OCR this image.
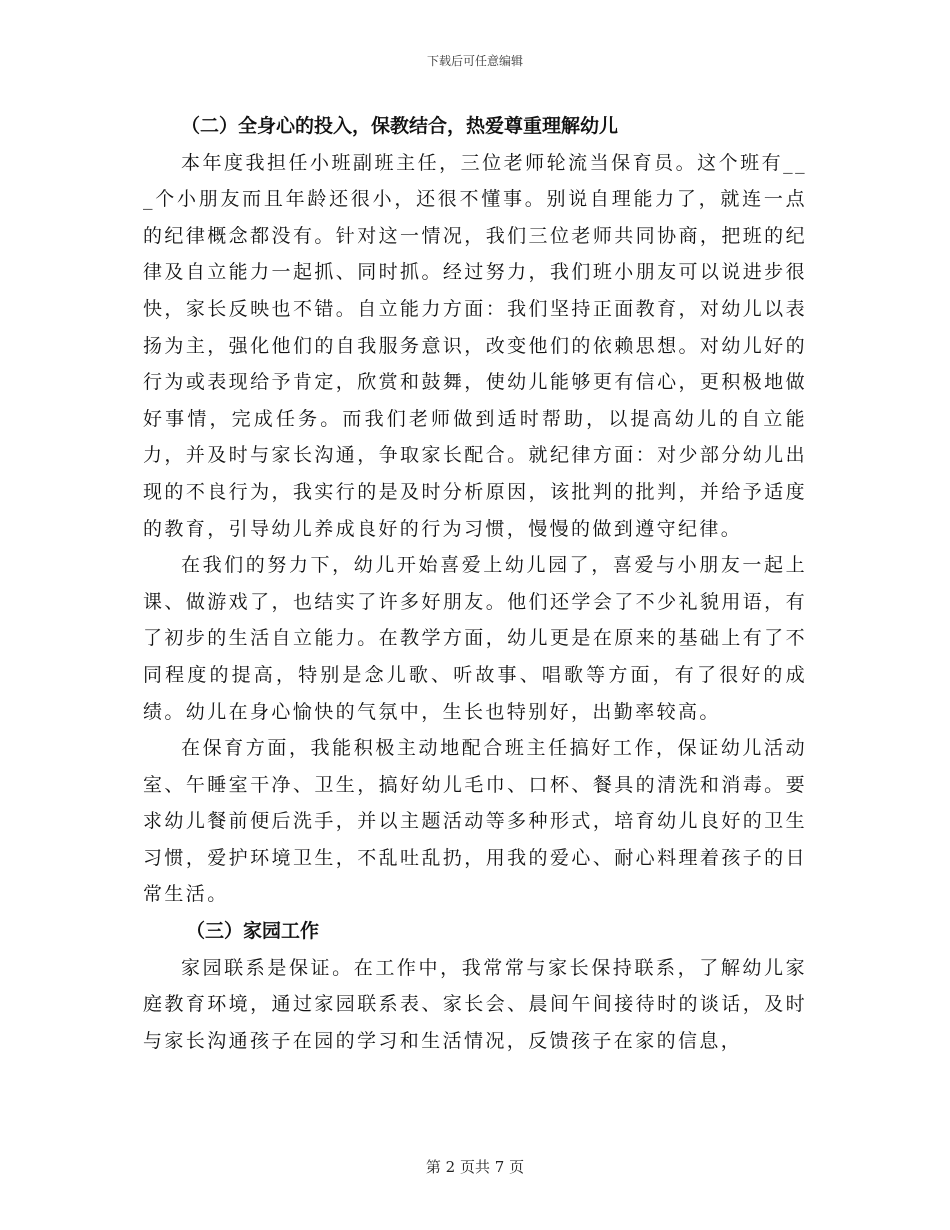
下载后可任意编辑

（二）全身心的投入，保教结合，热爱尊重理解幼儿

本年度我担任小班副班主任，三位老师轮流当保育员。这个班有___个小朋友而且年龄还很小，还很不懂事。别说自理能力了，就连一点的纪律概念都没有。针对这一情况，我们三位老师共同协商，把班的纪律及自立能力一起抓、同时抓。经过努力，我们班小朋友可以说进步很快，家长反映也不错。自立能力方面：我们坚持正面教育，对幼儿以表扬为主，强化他们的自我服务意识，改变他们的依赖思想。对幼儿好的行为或表现给予肯定，欣赏和鼓舞，使幼儿能够更有信心，更积极地做好事情，完成任务。而我们老师做到适时帮助，以提高幼儿的自立能力，并及时与家长沟通，争取家长配合。就纪律方面：对少部分幼儿出现的不良行为，我实行的是及时分析原因，该批判的批判，并给予适度的教育，引导幼儿养成良好的行为习惯，慢慢的做到遵守纪律。

在我们的努力下，幼儿开始喜爱上幼儿园了，喜爱与小朋友一起上课、做游戏了，也结实了许多好朋友。他们还学会了不少礼貌用语，有了初步的生活自立能力。在教学方面，幼儿更是在原来的基础上有了不同程度的提高，特别是念儿歌、听故事、唱歌等方面，有了很好的成绩。幼儿在身心愉快的气氛中，生长也特别好，出勤率较高。

在保育方面，我能积极主动地配合班主任搞好工作，保证幼儿活动室、午睡室干净、卫生，搞好幼儿毛巾、口杯、餐具的清洗和消毒。要求幼儿餐前便后洗手，并以主题活动等多种形式，培育幼儿良好的卫生习惯，爱护环境卫生，不乱吐乱扔，用我的爱心、耐心料理着孩子的日常生活。

（三）家园工作

家园联系是保证。在工作中，我常常与家长保持联系，了解幼儿家庭教育环境，通过家园联系表、家长会、晨间午间接待时的谈话，及时与家长沟通孩子在园的学习和生活情况，反馈孩子在家的信息，

第 2 页共 7 页
